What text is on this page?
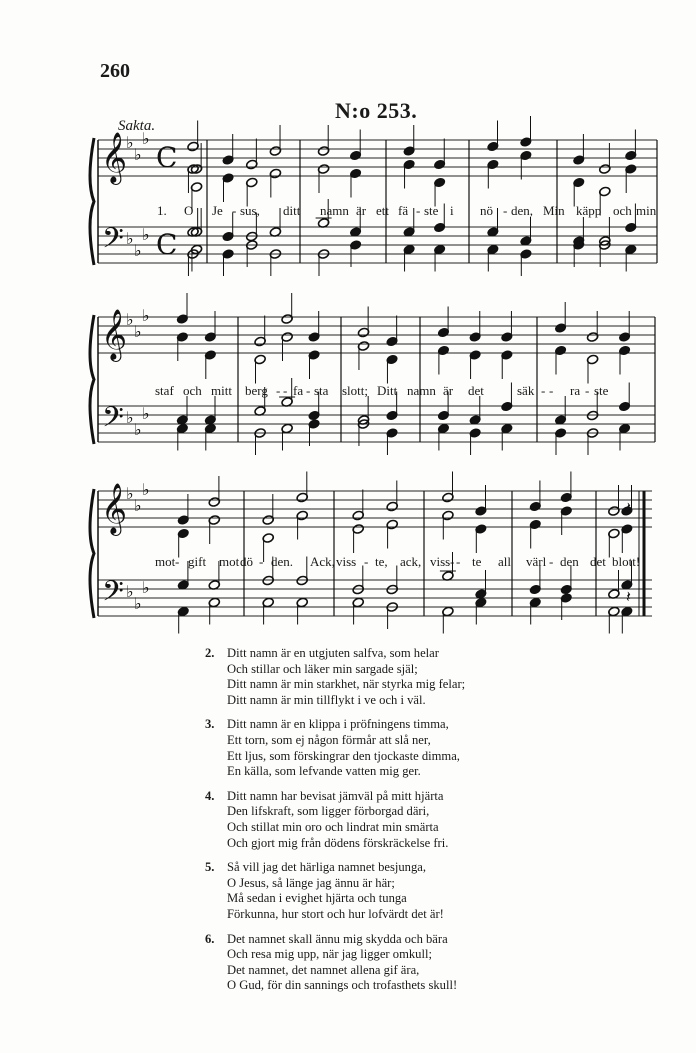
260
N:o 253.
Sakta.
𝄞
𝄢
♭
♭
♭
♭
♭
♭
C
C
𝄞
𝄢
♭
♭
♭
♭
♭
♭
𝄞
𝄢
♭
♭
♭
♭
♭
♭
𝄽
𝄽
1. O Je - sus, ditt namn är ett fä - ste i nö - den, Min käpp och min
staf och mitt berg - - fa - sta slott; Ditt namn är det	säk - - ra - ste
mot - gift mot dö - den. Ack, viss - te, ack, viss - - te all värl - den det blott!
2. Ditt namn är en utgjuten salfva, som helar
Och stillar och läker min sargade själ;
Ditt namn är min starkhet, när styrka mig felar;
Ditt namn är min tillflykt i ve och i väl.
3. Ditt namn är en klippa i pröfningens timma,
Ett torn, som ej någon förmår att slå ner,
Ett ljus, som förskingrar den tjockaste dimma,
En källa, som lefvande vatten mig ger.
4. Ditt namn har bevisat jämväl på mitt hjärta
Den lifskraft, som ligger förborgad däri,
Och stillat min oro och lindrat min smärta
Och gjort mig från dödens förskräckelse fri.
5. Så vill jag det härliga namnet besjunga,
O Jesus, så länge jag ännu är här;
Må sedan i evighet hjärta och tunga
Förkunna, hur stort och hur lofvärdt det är!
6. Det namnet skall ännu mig skydda och bära
Och resa mig upp, när jag ligger omkull;
Det namnet, det namnet allena gif ära,
O Gud, för din sannings och trofasthets skull!
